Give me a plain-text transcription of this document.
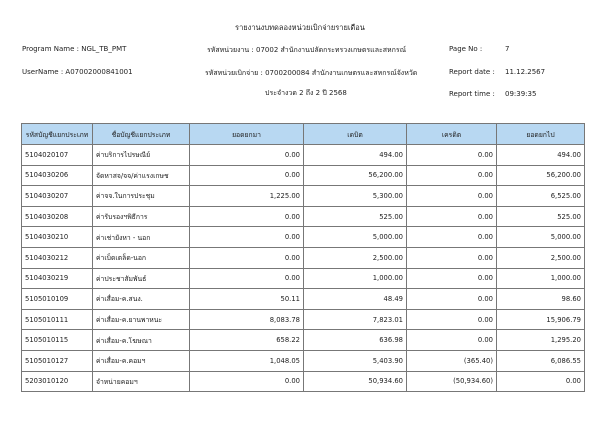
รายงานงบทดลองหน่วยเบิกจ่ายรายเดือน
Program Name : NGL_TB_PMT	รหัสหน่วยงาน : 07002 สำนักงานปลัดกระทรวงเกษตรและสหกรณ์	Page No :	7
UserName : A07002000841001	รหัสหน่วยเบิกจ่าย : 0700200084 สำนักงานเกษตรและสหกรณ์จังหวัด	Report date : 11.12.2567
ประจำงวด 2 ถึง 2 ปี 2568	Report time : 09:39:35
รหัสบัญชีแยกประเภท	ชื่อบัญชีแยกประเภท	ยอดยกมา	เดบิต	เครดิต	ยอดยกไป
5104020107	ค่าบริการไปรษณีย์	0.00	494.00	0.00	494.00
5104030206	จัดหาสจ/จจ/ค่าแรงเกษช	0.00	56,200.00	0.00	56,200.00
5104030207	ค่าจจ.ในการประชุม	1,225.00	5,300.00	0.00	6,525.00
5104030208	ค่ารับรองฯพิธีการ	0.00	525.00	0.00	525.00
5104030210	ค่าเช่ายังหา - นอก	0.00	5,000.00	0.00	5,000.00
5104030212	ค่าเบ็ดเตล็ด-นอก	0.00	2,500.00	0.00	2,500.00
5104030219	ค่าประชาสัมพันธ์	0.00	1,000.00	0.00	1,000.00
5105010109	ค่าเสื่อม-ค.สนง.	50.11	48.49	0.00	98.60
5105010111	ค่าเสื่อม-ค.ยานพาหนะ	8,083.78	7,823.01	0.00	15,906.79
5105010115	ค่าเสื่อม-ค.โฆษณา	658.22	636.98	0.00	1,295.20
5105010127	ค่าเสื่อม-ค.คอมฯ	1,048.05	5,403.90	(365.40)	6,086.55
5203010120	จำหน่ายคอมฯ	0.00	50,934.60	(50,934.60)	0.00
